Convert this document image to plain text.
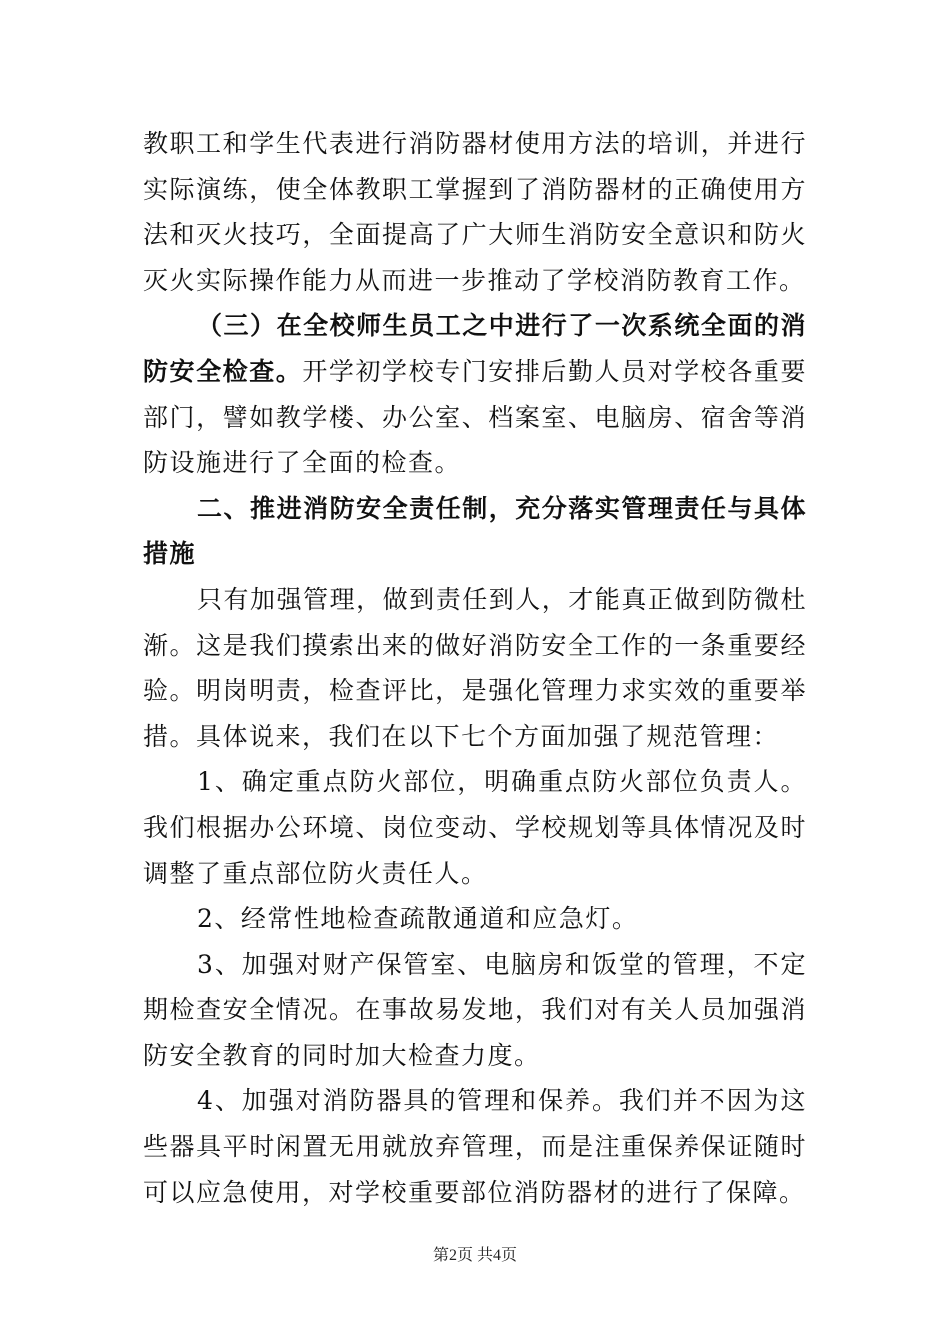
教职工和学生代表进行消防器材使用方法的培训，并进行实际演练，使全体教职工掌握到了消防器材的正确使用方法和灭火技巧，全面提高了广大师生消防安全意识和防火灭火实际操作能力从而进一步推动了学校消防教育工作。

（三）在全校师生员工之中进行了一次系统全面的消防安全检查。开学初学校专门安排后勤人员对学校各重要部门，譬如教学楼、办公室、档案室、电脑房、宿舍等消防设施进行了全面的检查。

二、推进消防安全责任制，充分落实管理责任与具体措施

只有加强管理，做到责任到人，才能真正做到防微杜渐。这是我们摸索出来的做好消防安全工作的一条重要经验。明岗明责，检查评比，是强化管理力求实效的重要举措。具体说来，我们在以下七个方面加强了规范管理：

1、确定重点防火部位，明确重点防火部位负责人。我们根据办公环境、岗位变动、学校规划等具体情况及时调整了重点部位防火责任人。

2、经常性地检查疏散通道和应急灯。

3、加强对财产保管室、电脑房和饭堂的管理，不定期检查安全情况。在事故易发地，我们对有关人员加强消防安全教育的同时加大检查力度。

4、加强对消防器具的管理和保养。我们并不因为这些器具平时闲置无用就放弃管理，而是注重保养保证随时可以应急使用，对学校重要部位消防器材的进行了保障。

第2页 共4页
